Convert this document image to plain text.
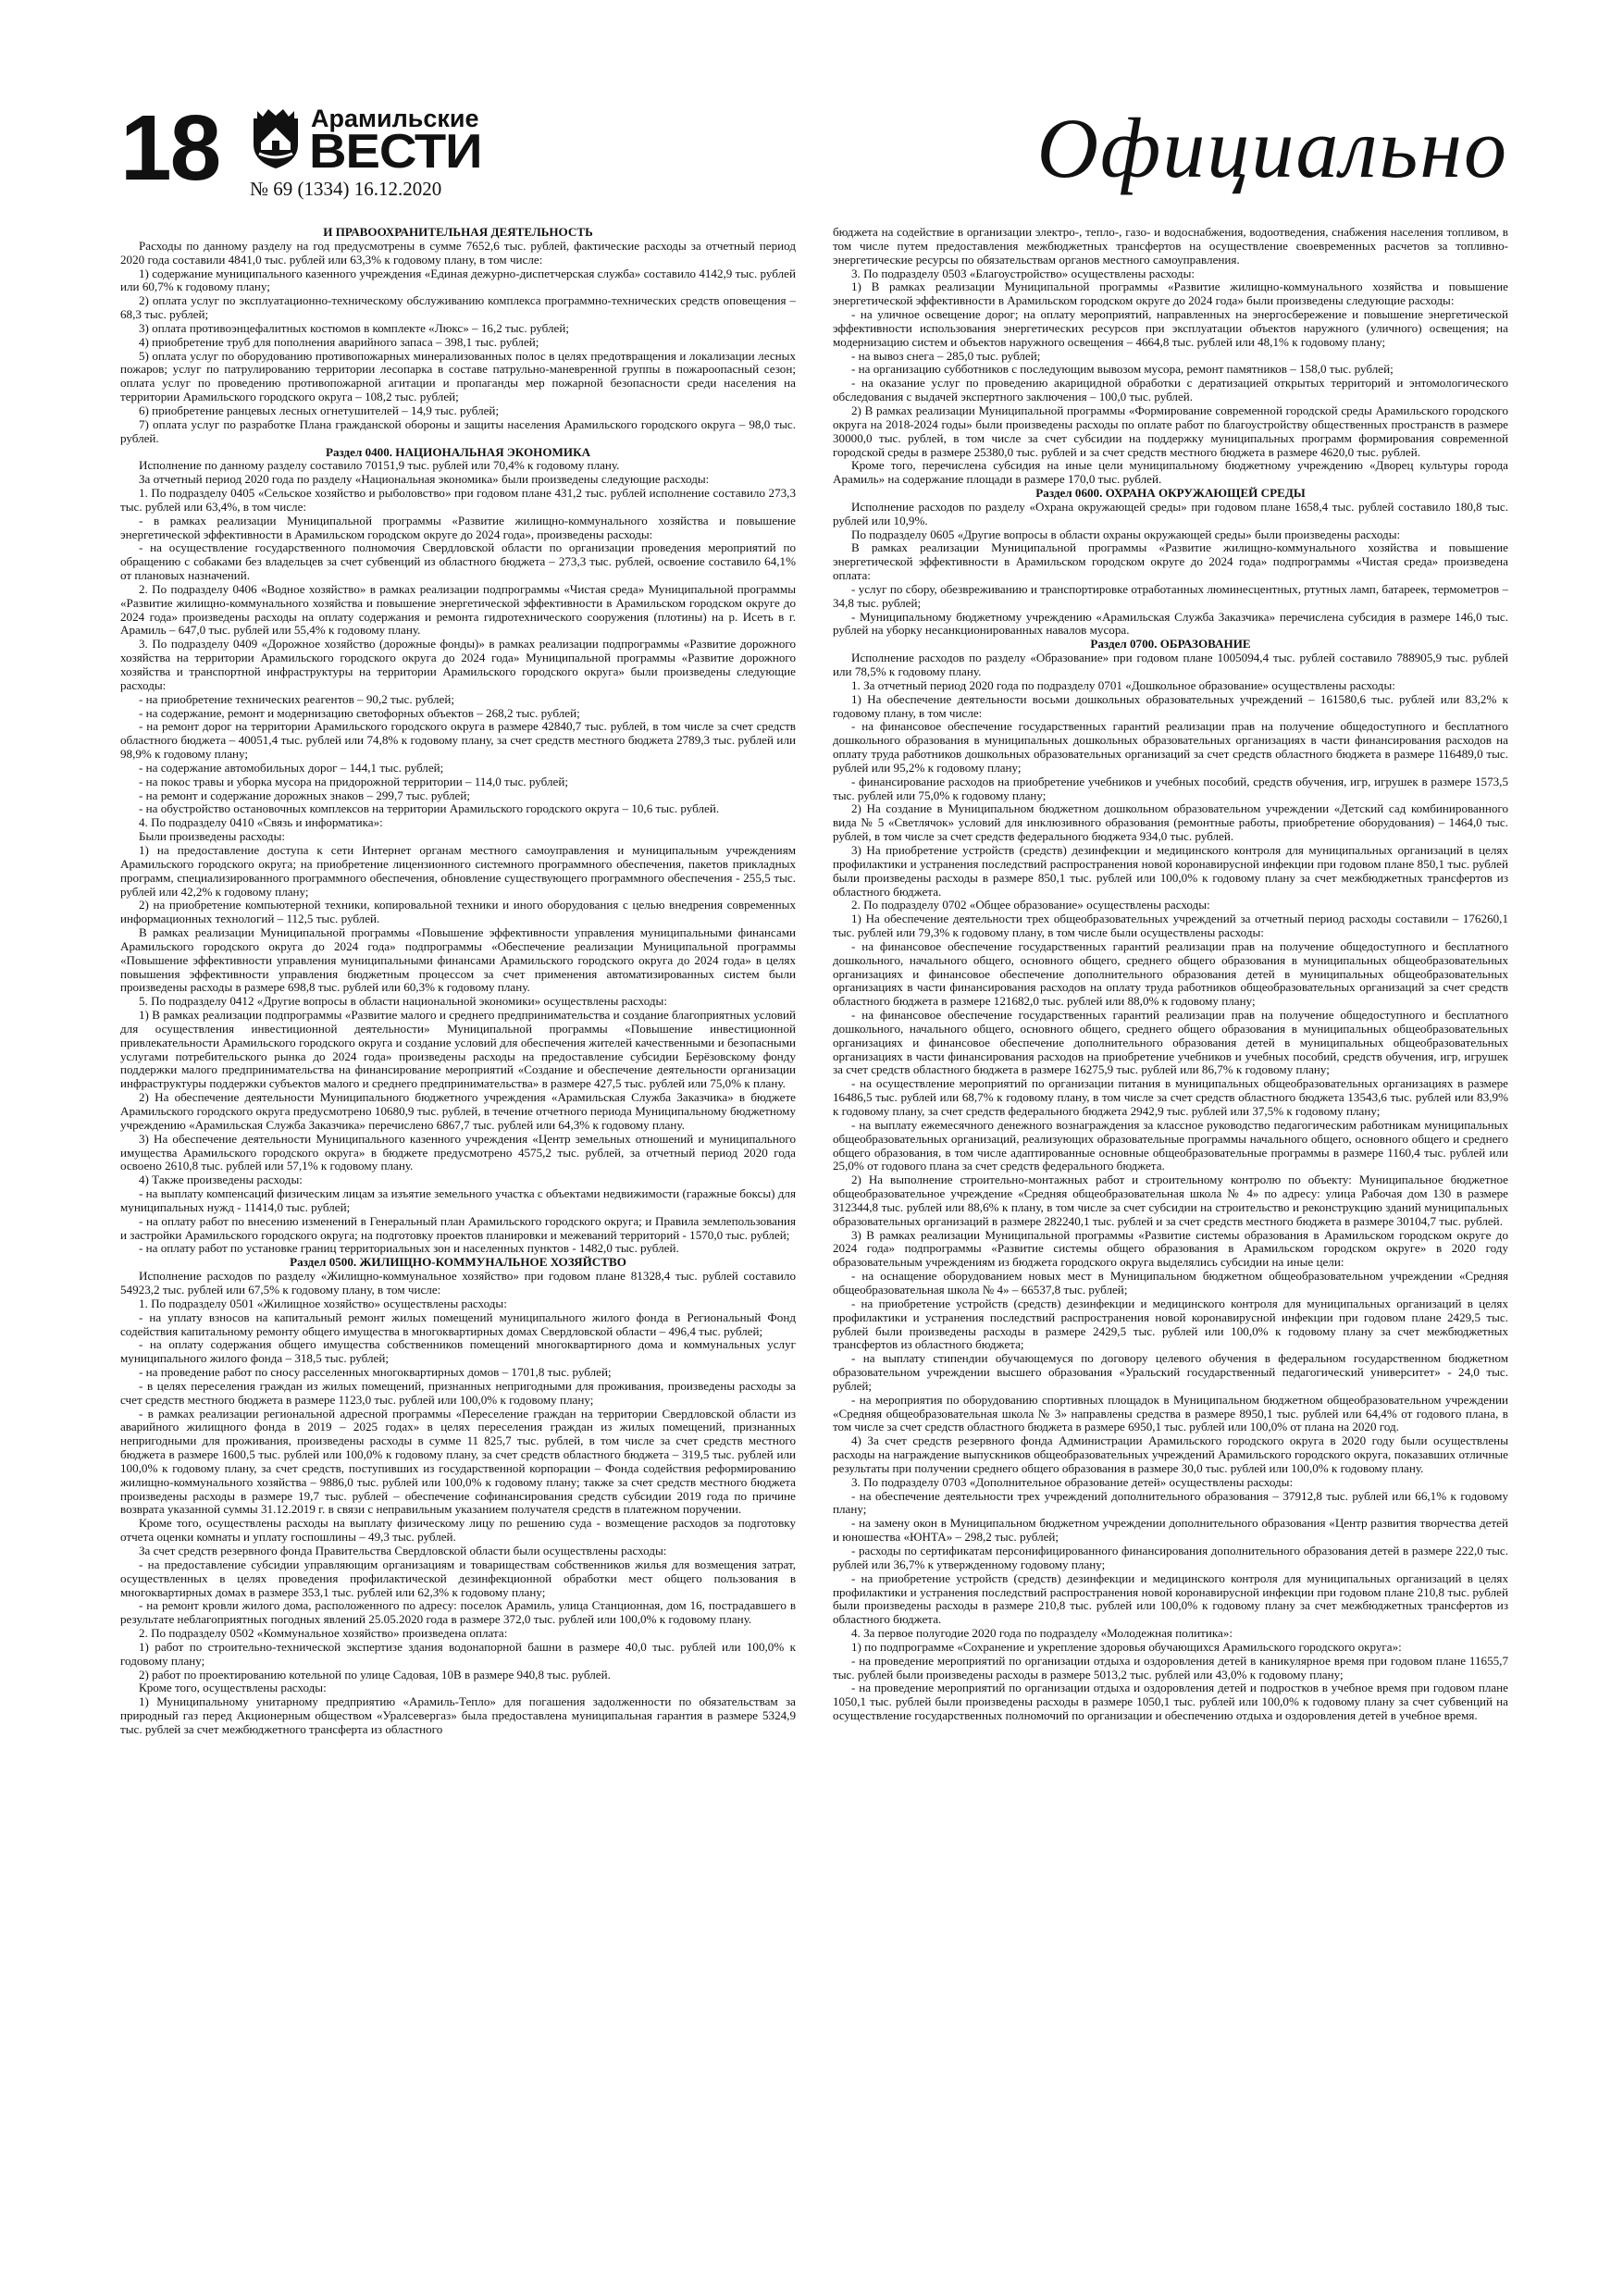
18	Арамильские
ВЕСТИ
№ 69 (1334) 16.12.2020	Официально
И ПРАВООХРАНИТЕЛЬНАЯ ДЕЯТЕЛЬНОСТЬ

Расходы по данному разделу на год предусмотрены в сумме 7652,6 тыс. рублей, фактические расходы за отчетный период 2020 года составили 4841,0 тыс. рублей или 63,3% к годовому плану, в том числе:

1) содержание муниципального казенного учреждения «Единая дежурно-диспетчерская служба» составило 4142,9 тыс. рублей или 60,7% к годовому плану;

2) оплата услуг по эксплуатационно-техническому обслуживанию комплекса программно-технических средств оповещения – 68,3 тыс. рублей;

3) оплата противоэнцефалитных костюмов в комплекте «Люкс» – 16,2 тыс. рублей;

4) приобретение труб для пополнения аварийного запаса – 398,1 тыс. рублей;

5) оплата услуг по оборудованию противопожарных минерализованных полос в целях предотвращения и локализации лесных пожаров; услуг по патрулированию территории лесопарка в составе патрульно-маневренной группы в пожароопасный сезон; оплата услуг по проведению противопожарной агитации и пропаганды мер пожарной безопасности среди населения на территории Арамильского городского округа – 108,2 тыс. рублей;

6) приобретение ранцевых лесных огнетушителей – 14,9 тыс. рублей;

7) оплата услуг по разработке Плана гражданской обороны и защиты населения Арамильского городского округа – 98,0 тыс. рублей.

Раздел 0400. НАЦИОНАЛЬНАЯ ЭКОНОМИКА

Исполнение по данному разделу составило 70151,9 тыс. рублей или 70,4% к годовому плану.

За отчетный период 2020 года по разделу «Национальная экономика» были произведены следующие расходы:

1. По подразделу 0405 «Сельское хозяйство и рыболовство» при годовом плане 431,2 тыс. рублей исполнение составило 273,3 тыс. рублей или 63,4%, в том числе:

- в рамках реализации Муниципальной программы «Развитие жилищно-коммунального хозяйства и повышение энергетической эффективности в Арамильском городском округе до 2024 года», произведены расходы:

- на осуществление государственного полномочия Свердловской области по организации проведения мероприятий по обращению с собаками без владельцев за счет субвенций из областного бюджета – 273,3 тыс. рублей, освоение составило 64,1% от плановых назначений.

2. По подразделу 0406 «Водное хозяйство» в рамках реализации подпрограммы «Чистая среда» Муниципальной программы «Развитие жилищно-коммунального хозяйства и повышение энергетической эффективности в Арамильском городском округе до 2024 года» произведены расходы на оплату содержания и ремонта гидротехнического сооружения (плотины) на р. Исеть в г. Арамиль – 647,0 тыс. рублей или 55,4% к годовому плану.

3. По подразделу 0409 «Дорожное хозяйство (дорожные фонды)» в рамках реализации подпрограммы «Развитие дорожного хозяйства на территории Арамильского городского округа до 2024 года» Муниципальной программы «Развитие дорожного хозяйства и транспортной инфраструктуры на территории Арамильского городского округа» были произведены следующие расходы:

- на приобретение технических реагентов – 90,2 тыс. рублей;

- на содержание, ремонт и модернизацию светофорных объектов – 268,2 тыс. рублей;

- на ремонт дорог на территории Арамильского городского округа в размере 42840,7 тыс. рублей, в том числе за счет средств областного бюджета – 40051,4 тыс. рублей или 74,8% к годовому плану, за счет средств местного бюджета 2789,3 тыс. рублей или 98,9% к годовому плану;

- на содержание автомобильных дорог – 144,1 тыс. рублей;

- на покос травы и уборка мусора на придорожной территории – 114,0 тыс. рублей;

- на ремонт и содержание дорожных знаков – 299,7 тыс. рублей;

- на обустройство остановочных комплексов на территории Арамильского городского округа – 10,6 тыс. рублей.

4. По подразделу 0410 «Связь и информатика»:

Были произведены расходы:

1) на предоставление доступа к сети Интернет органам местного самоуправления и муниципальным учреждениям Арамильского городского округа; на приобретение лицензионного системного программного обеспечения, пакетов прикладных программ, специализированного программного обеспечения, обновление существующего программного обеспечения - 255,5 тыс. рублей или 42,2% к годовому плану;

2) на приобретение компьютерной техники, копировальной техники и иного оборудования с целью внедрения современных информационных технологий – 112,5 тыс. рублей.

В рамках реализации Муниципальной программы «Повышение эффективности управления муниципальными финансами Арамильского городского округа до 2024 года» подпрограммы «Обеспечение реализации Муниципальной программы «Повышение эффективности управления муниципальными финансами Арамильского городского округа до 2024 года» в целях повышения эффективности управления бюджетным процессом за счет применения автоматизированных систем были произведены расходы в размере 698,8 тыс. рублей или 60,3% к годовому плану.

5. По подразделу 0412 «Другие вопросы в области национальной экономики» осуществлены расходы:

1) В рамках реализации подпрограммы «Развитие малого и среднего предпринимательства и создание благоприятных условий для осуществления инвестиционной деятельности» Муниципальной программы «Повышение инвестиционной привлекательности Арамильского городского округа и создание условий для обеспечения жителей качественными и безопасными услугами потребительского рынка до 2024 года» произведены расходы на предоставление субсидии Берёзовскому фонду поддержки малого предпринимательства на финансирование мероприятий «Создание и обеспечение деятельности организации инфраструктуры поддержки субъектов малого и среднего предпринимательства» в размере 427,5 тыс. рублей или 75,0% к плану.

2) На обеспечение деятельности Муниципального бюджетного учреждения «Арамильская Служба Заказчика» в бюджете Арамильского городского округа предусмотрено 10680,9 тыс. рублей, в течение отчетного периода Муниципальному бюджетному учреждению «Арамильская Служба Заказчика» перечислено 6867,7 тыс. рублей или 64,3% к годовому плану.

3) На обеспечение деятельности Муниципального казенного учреждения «Центр земельных отношений и муниципального имущества Арамильского городского округа» в бюджете предусмотрено 4575,2 тыс. рублей, за отчетный период 2020 года освоено 2610,8 тыс. рублей или 57,1% к годовому плану.

4) Также произведены расходы:

- на выплату компенсаций физическим лицам за изъятие земельного участка с объектами недвижимости (гаражные боксы) для муниципальных нужд - 11414,0 тыс. рублей;

- на оплату работ по внесению изменений в Генеральный план Арамильского городского округа; и Правила землепользования и застройки Арамильского городского округа; на подготовку проектов планировки и межеваний территорий - 1570,0 тыс. рублей;

- на оплату работ по установке границ территориальных зон и населенных пунктов - 1482,0 тыс. рублей.

Раздел 0500. ЖИЛИЩНО-КОММУНАЛЬНОЕ ХОЗЯЙСТВО

Исполнение расходов по разделу «Жилищно-коммунальное хозяйство» при годовом плане 81328,4 тыс. рублей составило 54923,2 тыс. рублей или 67,5% к годовому плану, в том числе:

1. По подразделу 0501 «Жилищное хозяйство» осуществлены расходы:

- на уплату взносов на капитальный ремонт жилых помещений муниципального жилого фонда в Региональный Фонд содействия капитальному ремонту общего имущества в многоквартирных домах Свердловской области – 496,4 тыс. рублей;

- на оплату содержания общего имущества собственников помещений многоквартирного дома и коммунальных услуг муниципального жилого фонда – 318,5 тыс. рублей;

- на проведение работ по сносу расселенных многоквартирных домов – 1701,8 тыс. рублей;

- в целях переселения граждан из жилых помещений, признанных непригодными для проживания, произведены расходы за счет средств местного бюджета в размере 1123,0 тыс. рублей или 100,0% к годовому плану;

- в рамках реализации региональной адресной программы «Переселение граждан на территории Свердловской области из аварийного жилищного фонда в 2019 – 2025 годах» в целях переселения граждан из жилых помещений, признанных непригодными для проживания, произведены расходы в сумме 11 825,7 тыс. рублей, в том числе за счет средств местного бюджета в размере 1600,5 тыс. рублей или 100,0% к годовому плану, за счет средств областного бюджета – 319,5 тыс. рублей или 100,0% к годовому плану, за счет средств, поступивших из государственной корпорации – Фонда содействия реформированию жилищно-коммунального хозяйства – 9886,0 тыс. рублей или 100,0% к годовому плану; также за счет средств местного бюджета произведены расходы в размере 19,7 тыс. рублей – обеспечение софинансирования средств субсидии 2019 года по причине возврата указанной суммы 31.12.2019 г. в связи с неправильным указанием получателя средств в платежном поручении.

Кроме того, осуществлены расходы на выплату физическому лицу по решению суда - возмещение расходов за подготовку отчета оценки комнаты и уплату госпошлины – 49,3 тыс. рублей.

За счет средств резервного фонда Правительства Свердловской области были осуществлены расходы:

- на предоставление субсидии управляющим организациям и товариществам собственников жилья для возмещения затрат, осуществленных в целях проведения профилактической дезинфекционной обработки мест общего пользования в многоквартирных домах в размере 353,1 тыс. рублей или 62,3% к годовому плану;

- на ремонт кровли жилого дома, расположенного по адресу: поселок Арамиль, улица Станционная, дом 16, пострадавшего в результате неблагоприятных погодных явлений 25.05.2020 года в размере 372,0 тыс. рублей или 100,0% к годовому плану.

2. По подразделу 0502 «Коммунальное хозяйство» произведена оплата:

1) работ по строительно-технической экспертизе здания водонапорной башни в размере 40,0 тыс. рублей или 100,0% к годовому плану;

2) работ по проектированию котельной по улице Садовая, 10В в размере 940,8 тыс. рублей.

Кроме того, осуществлены расходы:

1) Муниципальному унитарному предприятию «Арамиль-Тепло» для погашения задолженности по обязательствам за природный газ перед Акционерным обществом «Уралсевергаз» была предоставлена муниципальная гарантия в размере 5324,9 тыс. рублей за счет межбюджетного трансферта из областного

бюджета на содействие в организации электро-, тепло-, газо- и водоснабжения, водоотведения, снабжения населения топливом, в том числе путем предоставления межбюджетных трансфертов на осуществление своевременных расчетов за топливно-энергетические ресурсы по обязательствам органов местного самоуправления.

3. По подразделу 0503 «Благоустройство» осуществлены расходы:

1) В рамках реализации Муниципальной программы «Развитие жилищно-коммунального хозяйства и повышение энергетической эффективности в Арамильском городском округе до 2024 года» были произведены следующие расходы:

- на уличное освещение дорог; на оплату мероприятий, направленных на энергосбережение и повышение энергетической эффективности использования энергетических ресурсов при эксплуатации объектов наружного (уличного) освещения; на модернизацию систем и объектов наружного освещения – 4664,8 тыс. рублей или 48,1% к годовому плану;

- на вывоз снега – 285,0 тыс. рублей;

- на организацию субботников с последующим вывозом мусора, ремонт памятников – 158,0 тыс. рублей;

- на оказание услуг по проведению акарицидной обработки с дератизацией открытых территорий и энтомологического обследования с выдачей экспертного заключения – 100,0 тыс. рублей.

2) В рамках реализации Муниципальной программы «Формирование современной городской среды Арамильского городского округа на 2018-2024 годы» были произведены расходы по оплате работ по благоустройству общественных пространств в размере 30000,0 тыс. рублей, в том числе за счет субсидии на поддержку муниципальных программ формирования современной городской среды в размере 25380,0 тыс. рублей и за счет средств местного бюджета в размере 4620,0 тыс. рублей.

Кроме того, перечислена субсидия на иные цели муниципальному бюджетному учреждению «Дворец культуры города Арамиль» на содержание площади в размере 170,0 тыс. рублей.

Раздел 0600. ОХРАНА ОКРУЖАЮЩЕЙ СРЕДЫ

Исполнение расходов по разделу «Охрана окружающей среды» при годовом плане 1658,4 тыс. рублей составило 180,8 тыс. рублей или 10,9%.

По подразделу 0605 «Другие вопросы в области охраны окружающей среды» были произведены расходы:

В рамках реализации Муниципальной программы «Развитие жилищно-коммунального хозяйства и повышение энергетической эффективности в Арамильском городском округе до 2024 года» подпрограммы «Чистая среда» произведена оплата:

- услуг по сбору, обезвреживанию и транспортировке отработанных люминесцентных, ртутных ламп, батареек, термометров – 34,8 тыс. рублей;

- Муниципальному бюджетному учреждению «Арамильская Служба Заказчика» перечислена субсидия в размере 146,0 тыс. рублей на уборку несанкционированных навалов мусора.

Раздел 0700. ОБРАЗОВАНИЕ

Исполнение расходов по разделу «Образование» при годовом плане 1005094,4 тыс. рублей составило 788905,9 тыс. рублей или 78,5% к годовому плану.

1. За отчетный период 2020 года по подразделу 0701 «Дошкольное образование» осуществлены расходы:

1) На обеспечение деятельности восьми дошкольных образовательных учреждений – 161580,6 тыс. рублей или 83,2% к годовому плану, в том числе:

- на финансовое обеспечение государственных гарантий реализации прав на получение общедоступного и бесплатного дошкольного образования в муниципальных дошкольных образовательных организациях в части финансирования расходов на оплату труда работников дошкольных образовательных организаций за счет средств областного бюджета в размере 116489,0 тыс. рублей или 95,2% к годовому плану;

- финансирование расходов на приобретение учебников и учебных пособий, средств обучения, игр, игрушек в размере 1573,5 тыс. рублей или 75,0% к годовому плану;

2) На создание в Муниципальном бюджетном дошкольном образовательном учреждении «Детский сад комбинированного вида № 5 «Светлячок» условий для инклюзивного образования (ремонтные работы, приобретение оборудования) – 1464,0 тыс. рублей, в том числе за счет средств федерального бюджета 934,0 тыс. рублей.

3) На приобретение устройств (средств) дезинфекции и медицинского контроля для муниципальных организаций в целях профилактики и устранения последствий распространения новой коронавирусной инфекции при годовом плане 850,1 тыс. рублей были произведены расходы в размере 850,1 тыс. рублей или 100,0% к годовому плану за счет межбюджетных трансфертов из областного бюджета.

2. По подразделу 0702 «Общее образование» осуществлены расходы:

1) На обеспечение деятельности трех общеобразовательных учреждений за отчетный период расходы составили – 176260,1 тыс. рублей или 79,3% к годовому плану, в том числе были осуществлены расходы:

- на финансовое обеспечение государственных гарантий реализации прав на получение общедоступного и бесплатного дошкольного, начального общего, основного общего, среднего общего образования в муниципальных общеобразовательных организациях и финансовое обеспечение дополнительного образования детей в муниципальных общеобразовательных организациях в части финансирования расходов на оплату труда работников общеобразовательных организаций за счет средств областного бюджета в размере 121682,0 тыс. рублей или 88,0% к годовому плану;

- на финансовое обеспечение государственных гарантий реализации прав на получение общедоступного и бесплатного дошкольного, начального общего, основного общего, среднего общего образования в муниципальных общеобразовательных организациях и финансовое обеспечение дополнительного образования детей в муниципальных общеобразовательных организациях в части финансирования расходов на приобретение учебников и учебных пособий, средств обучения, игр, игрушек за счет средств областного бюджета в размере 16275,9 тыс. рублей или 86,7% к годовому плану;

- на осуществление мероприятий по организации питания в муниципальных общеобразовательных организациях в размере 16486,5 тыс. рублей или 68,7% к годовому плану, в том числе за счет средств областного бюджета 13543,6 тыс. рублей или 83,9% к годовому плану, за счет средств федерального бюджета 2942,9 тыс. рублей или 37,5% к годовому плану;

- на выплату ежемесячного денежного вознаграждения за классное руководство педагогическим работникам муниципальных общеобразовательных организаций, реализующих образовательные программы начального общего, основного общего и среднего общего образования, в том числе адаптированные основные общеобразовательные программы в размере 1160,4 тыс. рублей или 25,0% от годового плана за счет средств федерального бюджета.

2) На выполнение строительно-монтажных работ и строительному контролю по объекту: Муниципальное бюджетное общеобразовательное учреждение «Средняя общеобразовательная школа № 4» по адресу: улица Рабочая дом 130 в размере 312344,8 тыс. рублей или 88,6% к плану, в том числе за счет субсидии на строительство и реконструкцию зданий муниципальных образовательных организаций в размере 282240,1 тыс. рублей и за счет средств местного бюджета в размере 30104,7 тыс. рублей.

3) В рамках реализации Муниципальной программы «Развитие системы образования в Арамильском городском округе до 2024 года» подпрограммы «Развитие системы общего образования в Арамильском городском округе» в 2020 году образовательным учреждениям из бюджета городского округа выделялись субсидии на иные цели:

- на оснащение оборудованием новых мест в Муниципальном бюджетном общеобразовательном учреждении «Средняя общеобразовательная школа № 4» – 66537,8 тыс. рублей;

- на приобретение устройств (средств) дезинфекции и медицинского контроля для муниципальных организаций в целях профилактики и устранения последствий распространения новой коронавирусной инфекции при годовом плане 2429,5 тыс. рублей были произведены расходы в размере 2429,5 тыс. рублей или 100,0% к годовому плану за счет межбюджетных трансфертов из областного бюджета;

- на выплату стипендии обучающемуся по договору целевого обучения в федеральном государственном бюджетном образовательном учреждении высшего образования «Уральский государственный педагогический университет» - 24,0 тыс. рублей;

- на мероприятия по оборудованию спортивных площадок в Муниципальном бюджетном общеобразовательном учреждении «Средняя общеобразовательная школа № 3» направлены средства в размере 8950,1 тыс. рублей или 64,4% от годового плана, в том числе за счет средств областного бюджета в размере 6950,1 тыс. рублей или 100,0% от плана на 2020 год.

4) За счет средств резервного фонда Администрации Арамильского городского округа в 2020 году были осуществлены расходы на награждение выпускников общеобразовательных учреждений Арамильского городского округа, показавших отличные результаты при получении среднего общего образования в размере 30,0 тыс. рублей или 100,0% к годовому плану.

3. По подразделу 0703 «Дополнительное образование детей» осуществлены расходы:

- на обеспечение деятельности трех учреждений дополнительного образования – 37912,8 тыс. рублей или 66,1% к годовому плану;

- на замену окон в Муниципальном бюджетном учреждении дополнительного образования «Центр развития творчества детей и юношества «ЮНТА» – 298,2 тыс. рублей;

- расходы по сертификатам персонифицированного финансирования дополнительного образования детей в размере 222,0 тыс. рублей или 36,7% к утвержденному годовому плану;

- на приобретение устройств (средств) дезинфекции и медицинского контроля для муниципальных организаций в целях профилактики и устранения последствий распространения новой коронавирусной инфекции при годовом плане 210,8 тыс. рублей были произведены расходы в размере 210,8 тыс. рублей или 100,0% к годовому плану за счет межбюджетных трансфертов из областного бюджета.

4. За первое полугодие 2020 года по подразделу «Молодежная политика»:

1) по подпрограмме «Сохранение и укрепление здоровья обучающихся Арамильского городского округа»:

- на проведение мероприятий по организации отдыха и оздоровления детей в каникулярное время при годовом плане 11655,7 тыс. рублей были произведены расходы в размере 5013,2 тыс. рублей или 43,0% к годовому плану;

- на проведение мероприятий по организации отдыха и оздоровления детей и подростков в учебное время при годовом плане 1050,1 тыс. рублей были произведены расходы в размере 1050,1 тыс. рублей или 100,0% к годовому плану за счет субвенций на осуществление государственных полномочий по организации и обеспечению отдыха и оздоровления детей в учебное время.
